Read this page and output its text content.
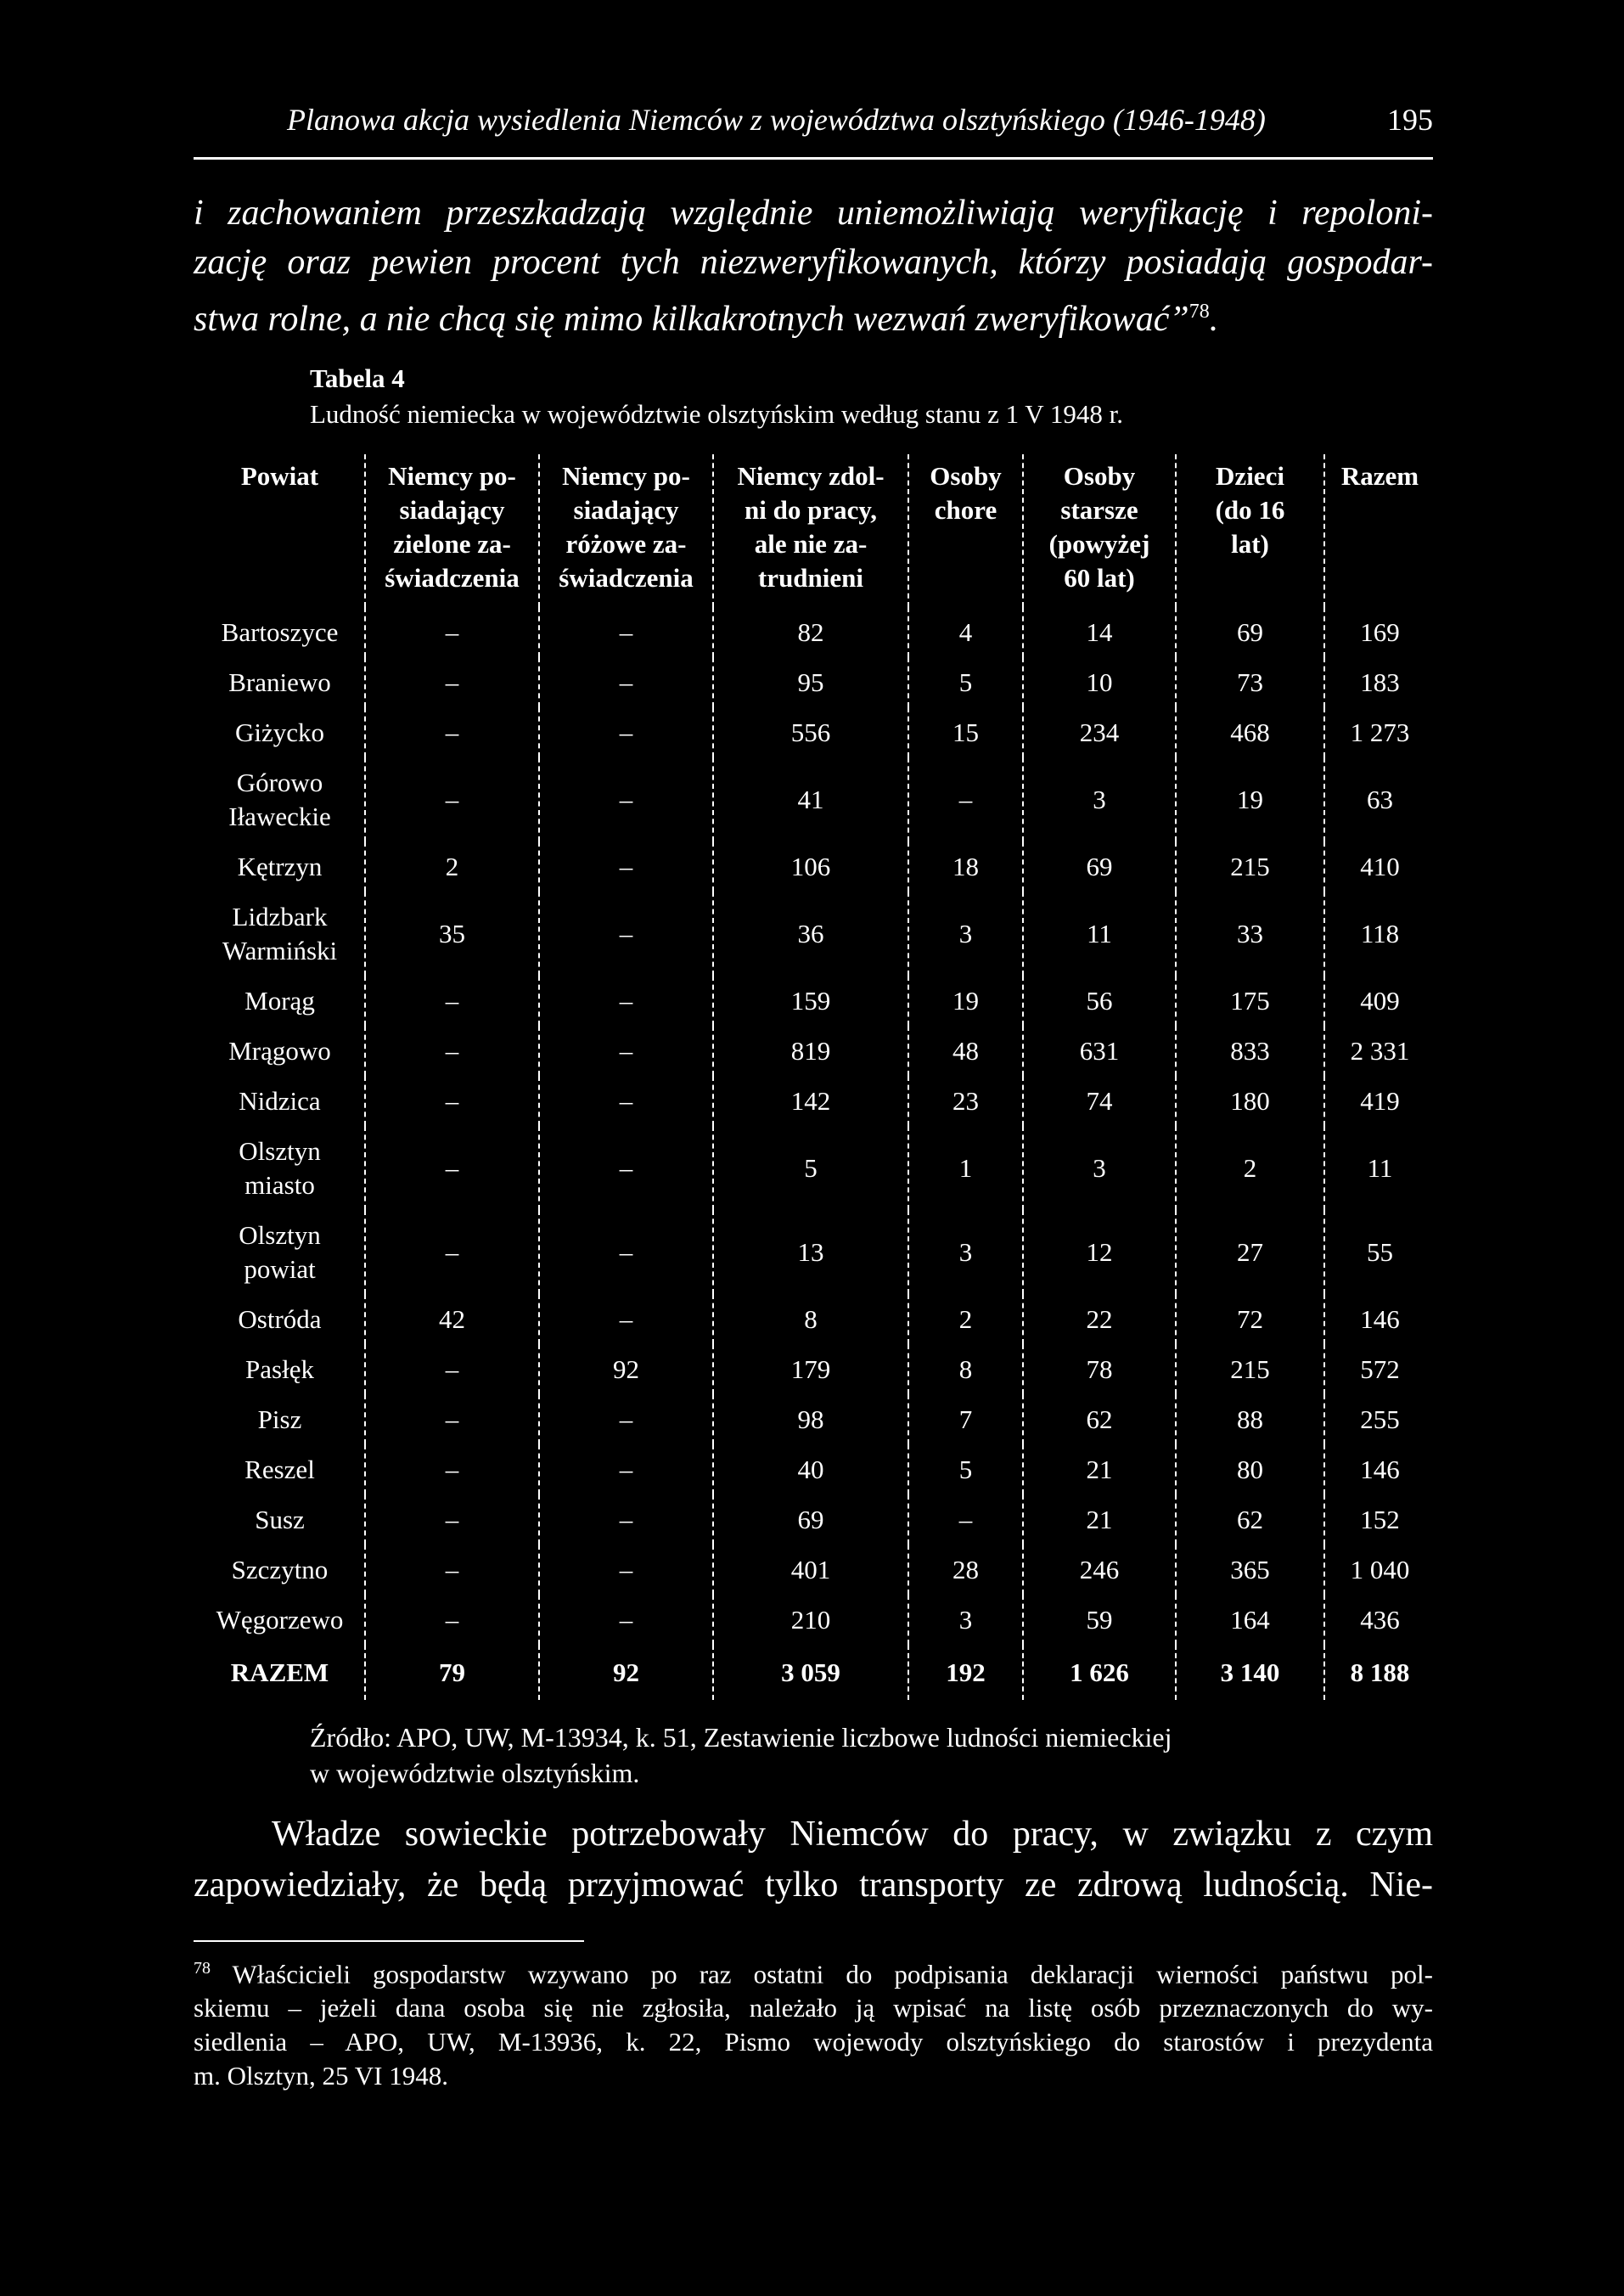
Planowa akcja wysiedlenia Niemców z województwa olsztyńskiego (1946-1948)	195
i zachowaniem przeszkadzają względnie uniemożliwiają weryfikację i repoloni-
zację oraz pewien procent tych niezweryfikowanych, którzy posiadają gospodar-
stwa rolne, a nie chcą się mimo kilkakrotnych wezwań zweryfikować”$^{78}$.
Tabela 4
Ludność niemiecka w województwie olsztyńskim według stanu z 1 V 1948 r.
Powiat	Niemcy po-
siadający
zielone za-
świadczenia	Niemcy po-
siadający
różowe za-
świadczenia	Niemcy zdol-
ni do pracy,
ale nie za-
trudnieni	Osoby
chore	Osoby
starsze
(powyżej
60 lat)	Dzieci
(do 16
lat)	Razem

Bartoszyce	–	–	82	4	14	69	169

Braniewo	–	–	95	5	10	73	183

Giżycko	–	–	556	15	234	468	1 273

Górowo
Iławeckie	–	–	41	–	3	19	63

Kętrzyn	2	–	106	18	69	215	410

Lidzbark
Warmiński	35	–	36	3	11	33	118

Morąg	–	–	159	19	56	175	409

Mrągowo	–	–	819	48	631	833	2 331

Nidzica	–	–	142	23	74	180	419

Olsztyn
miasto	–	–	5	1	3	2	11

Olsztyn
powiat	–	–	13	3	12	27	55

Ostróda	42	–	8	2	22	72	146

Pasłęk	–	92	179	8	78	215	572

Pisz	–	–	98	7	62	88	255

Reszel	–	–	40	5	21	80	146

Susz	–	–	69	–	21	62	152

Szczytno	–	–	401	28	246	365	1 040

Węgorzewo	–	–	210	3	59	164	436
RAZEM	79	92	3 059	192	1 626	3 140	8 188
Źródło: APO, UW, M-13934, k. 51, Zestawienie liczbowe ludności niemieckiej
w województwie olsztyńskim.
Władze sowieckie potrzebowały Niemców do pracy, w związku z czym
zapowiedziały, że będą przyjmować tylko transporty ze zdrową ludnością. Nie-
$^{78}$ Właścicieli gospodarstw wzywano po raz ostatni do podpisania deklaracji wierności państwu pol-
skiemu – jeżeli dana osoba się nie zgłosiła, należało ją wpisać na listę osób przeznaczonych do wy-
siedlenia – APO, UW, M-13936, k. 22, Pismo wojewody olsztyńskiego do starostów i prezydenta
m. Olsztyn, 25 VI 1948.
